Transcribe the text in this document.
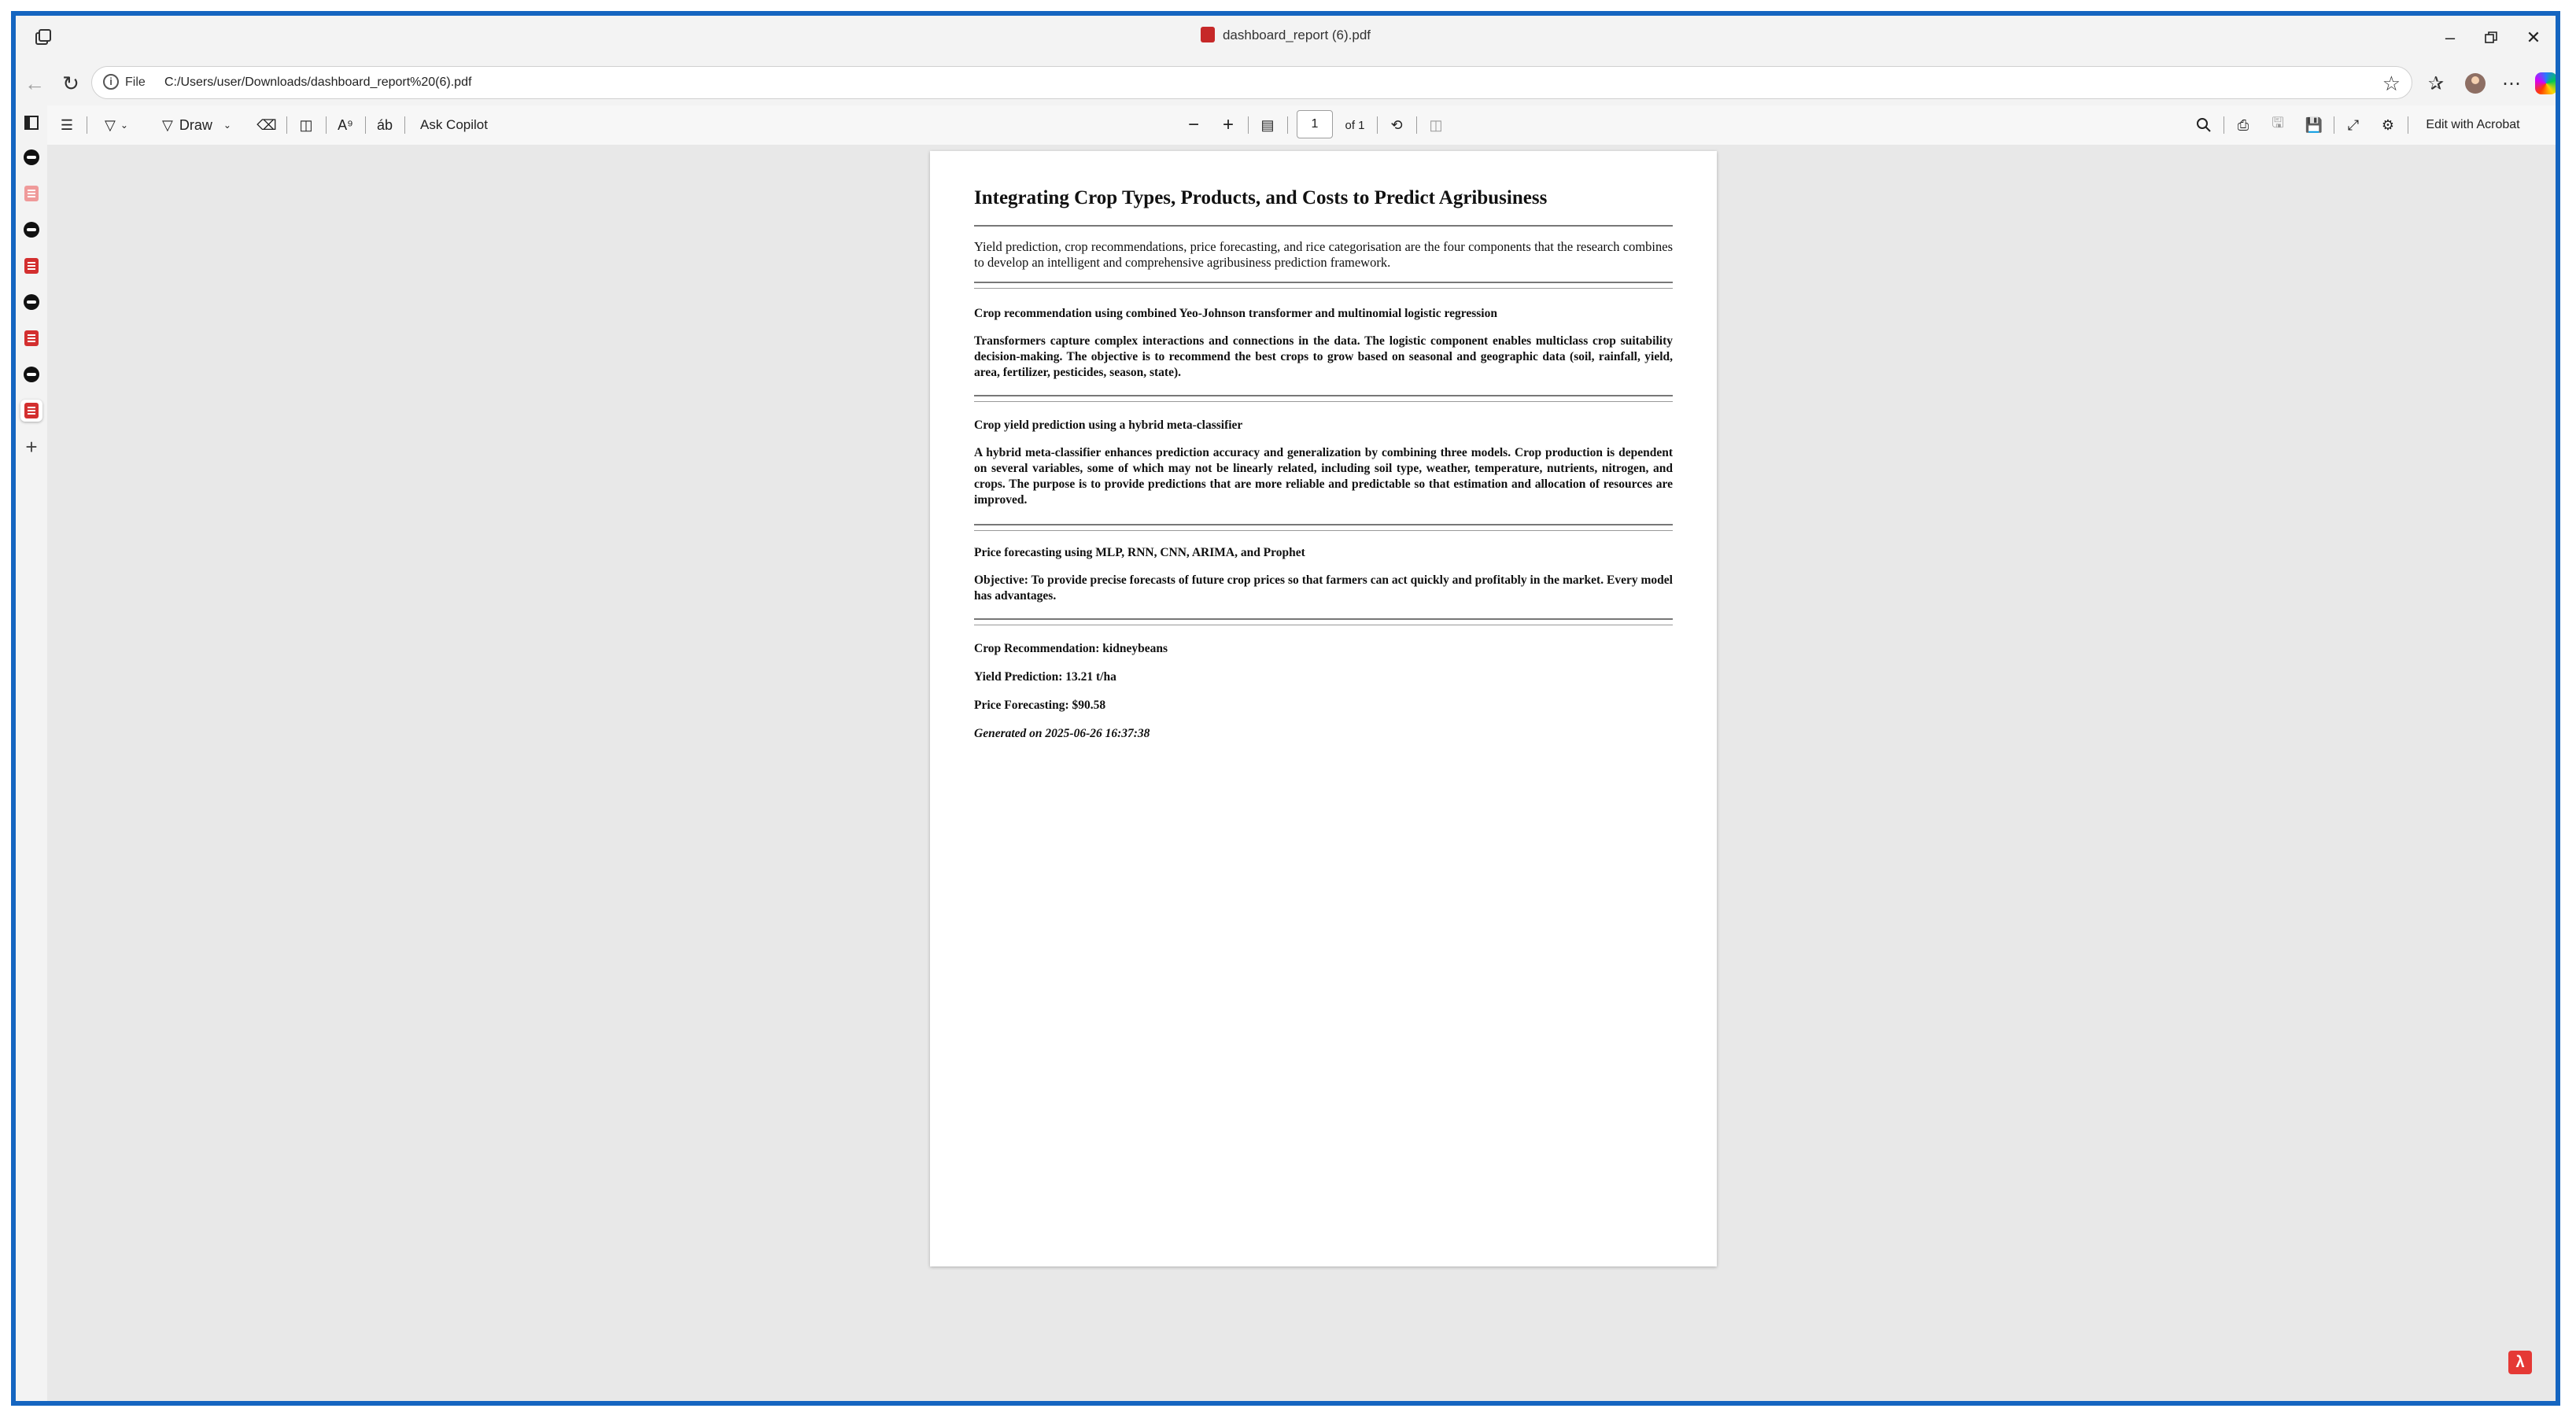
dashboard_report (6).pdf	–	✕
← ↻	i	File C:/Users/user/Downloads/dashboard_report%20(6).pdf	☆	✰	⋯
+
☰	▽ ⌄ ▽ Draw ⌄ ⌫	◫	A⁹	áb	Ask Copilot	−	+	▤	1	of 1	⟲	◫	⎙	🖫	💾	⤢	⚙	Edit with Acrobat
Integrating Crop Types, Products, and Costs to Predict Agribusiness
Yield prediction, crop recommendations, price forecasting, and rice categorisation are the four components that the research combines to develop an intelligent and comprehensive agribusiness prediction framework.
Crop recommendation using combined Yeo-Johnson transformer and multinomial logistic regression
Transformers capture complex interactions and connections in the data. The logistic component enables multiclass crop suitability decision-making. The objective is to recommend the best crops to grow based on seasonal and geographic data (soil, rainfall, yield, area, fertilizer, pesticides, season, state).
Crop yield prediction using a hybrid meta-classifier
A hybrid meta-classifier enhances prediction accuracy and generalization by combining three models. Crop production is dependent on several variables, some of which may not be linearly related, including soil type, weather, temperature, nutrients, nitrogen, and crops. The purpose is to provide predictions that are more reliable and predictable so that estimation and allocation of resources are improved.
Price forecasting using MLP, RNN, CNN, ARIMA, and Prophet
Objective: To provide precise forecasts of future crop prices so that farmers can act quickly and profitably in the market. Every model has advantages.
Crop Recommendation: kidneybeans
Yield Prediction: 13.21 t/ha
Price Forecasting: $90.58
Generated on 2025-06-26 16:37:38
λ
